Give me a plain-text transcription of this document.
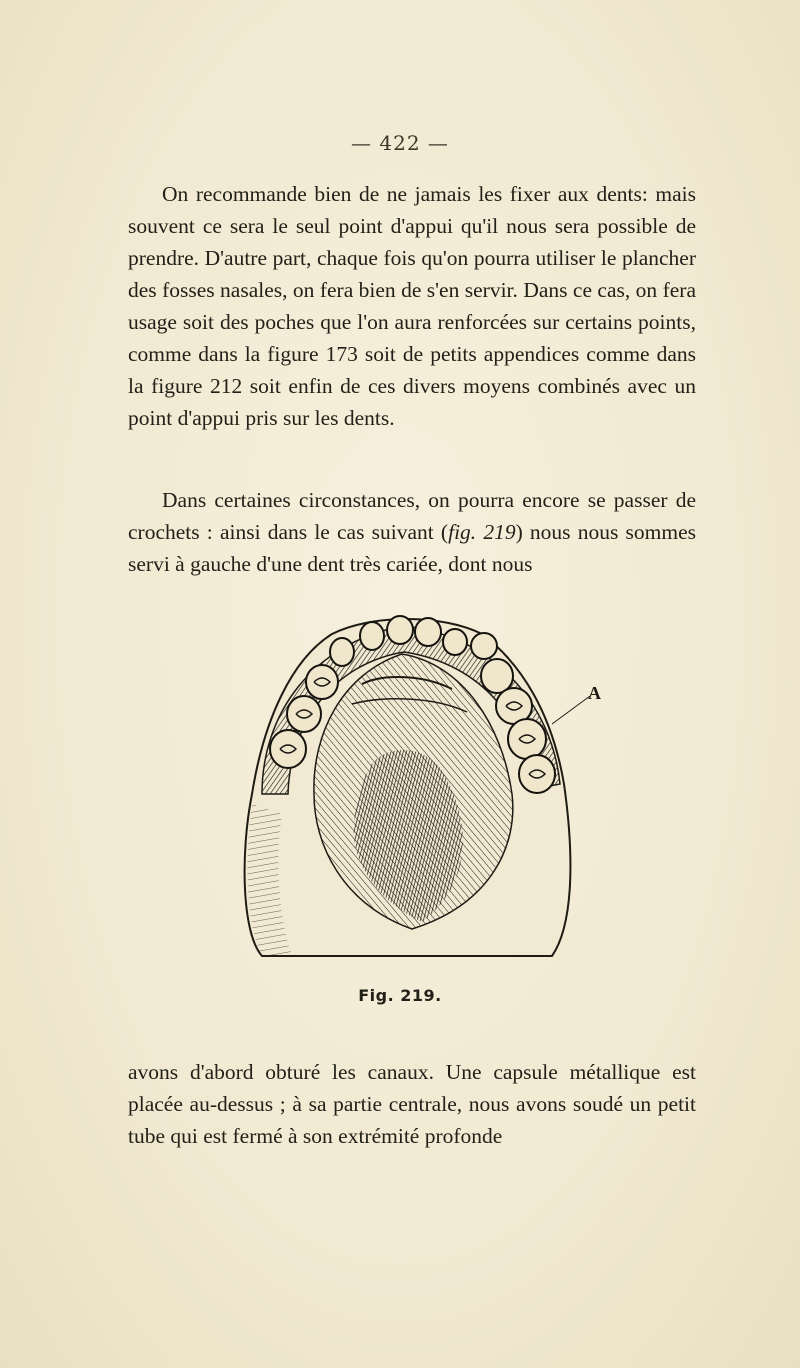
— 422 —

On recommande bien de ne jamais les fixer aux dents: mais souvent ce sera le seul point d'appui qu'il nous sera possible de prendre. D'autre part, chaque fois qu'on pourra utiliser le plancher des fosses nasales, on fera bien de s'en servir. Dans ce cas, on fera usage soit des poches que l'on aura renforcées sur certains points, comme dans la figure 173 soit de petits appendices comme dans la figure 212 soit enfin de ces divers moyens combinés avec un point d'appui pris sur les dents.

Dans certaines circonstances, on pourra encore se passer de crochets : ainsi dans le cas suivant (fig. 219) nous nous sommes servi à gauche d'une dent très cariée, dont nous

A
Fig. 219.

avons d'abord obturé les canaux. Une capsule métallique est placée au-dessus ; à sa partie centrale, nous avons soudé un petit tube qui est fermé à son extrémité profonde
